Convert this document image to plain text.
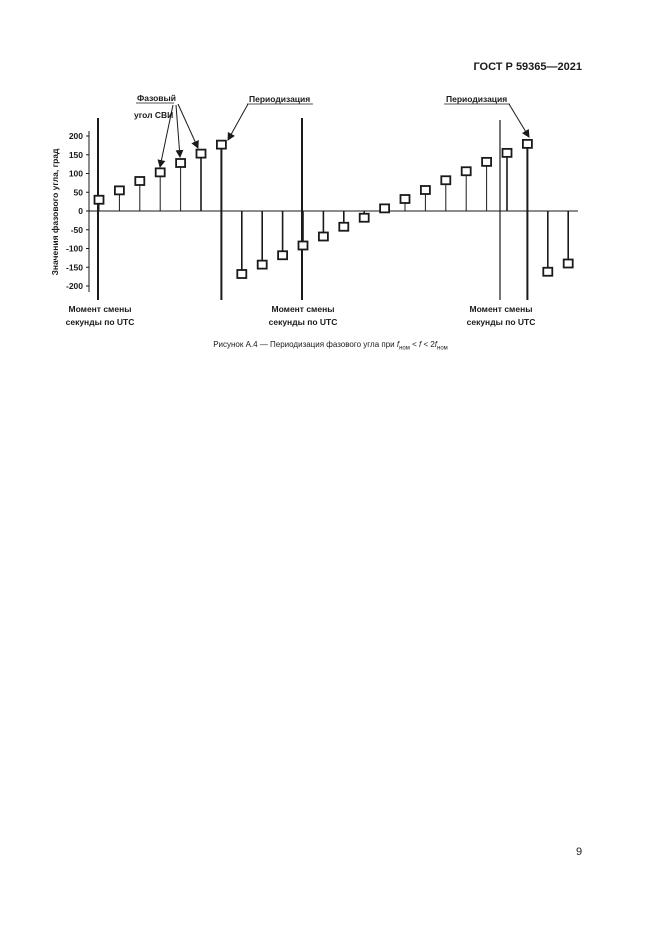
ГОСТ Р 59365—2021
Значения фазового угла, град
200
150
100
50
0
-50
-100
-150
-200
Фазовый
угол СВИ
Периодизация	Периодизация
Момент смены
секунды по UTC
Момент смены
секунды по UTC
Момент смены
секунды по UTC
Рисунок А.4 — Периодизация фазового угла при $f_{ном} < f < 2f_{ном}$
9
